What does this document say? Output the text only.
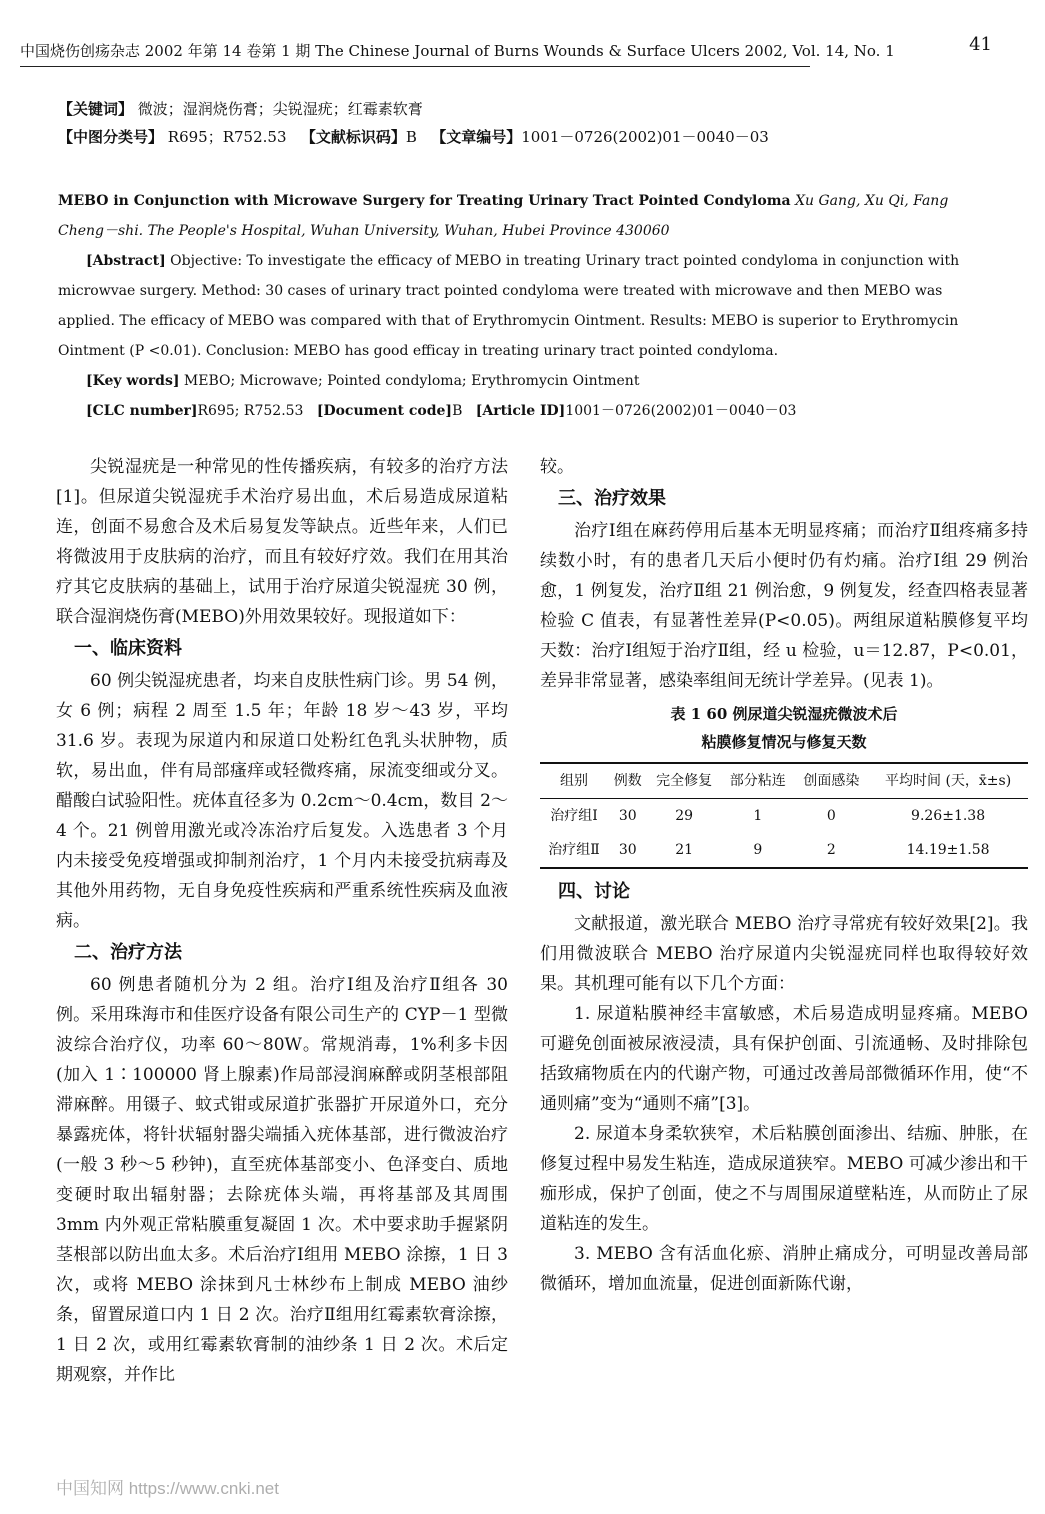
中国烧伤创疡杂志 2002 年第 14 卷第 1 期 The Chinese Journal of Burns Wounds & Surface Ulcers 2002, Vol. 14, No. 1	41
【关键词】 微波；湿润烧伤膏；尖锐湿疣；红霉素软膏
【中图分类号】 R695；R752.53 【文献标识码】B 【文章编号】1001－0726(2002)01－0040－03
MEBO in Conjunction with Microwave Surgery for Treating Urinary Tract Pointed Condyloma Xu Gang, Xu Qi, Fang Cheng－shi. The People's Hospital, Wuhan University, Wuhan, Hubei Province 430060
[Abstract] Objective: To investigate the efficacy of MEBO in treating Urinary tract pointed condyloma in conjunction with microwvae surgery. Method: 30 cases of urinary tract pointed condyloma were treated with microwave and then MEBO was applied. The efficacy of MEBO was compared with that of Erythromycin Ointment. Results: MEBO is superior to Erythromycin Ointment (P <0.01). Conclusion: MEBO has good efficay in treating urinary tract pointed condyloma.
[Key words] MEBO; Microwave; Pointed condyloma; Erythromycin Ointment
[CLC number]R695; R752.53 [Document code]B [Article ID]1001－0726(2002)01－0040－03

尖锐湿疣是一种常见的性传播疾病，有较多的治疗方法[1]。但尿道尖锐湿疣手术治疗易出血，术后易造成尿道粘连，创面不易愈合及术后易复发等缺点。近些年来，人们已将微波用于皮肤病的治疗，而且有较好疗效。我们在用其治疗其它皮肤病的基础上，试用于治疗尿道尖锐湿疣 30 例，联合湿润烧伤膏(MEBO)外用效果较好。现报道如下：

一、临床资料

60 例尖锐湿疣患者，均来自皮肤性病门诊。男 54 例，女 6 例；病程 2 周至 1.5 年；年龄 18 岁～43 岁，平均 31.6 岁。表现为尿道内和尿道口处粉红色乳头状肿物，质软，易出血，伴有局部瘙痒或轻微疼痛，尿流变细或分叉。醋酸白试验阳性。疣体直径多为 0.2cm～0.4cm，数目 2～4 个。21 例曾用激光或冷冻治疗后复发。入选患者 3 个月内未接受免疫增强或抑制剂治疗，1 个月内未接受抗病毒及其他外用药物，无自身免疫性疾病和严重系统性疾病及血液病。

二、治疗方法

60 例患者随机分为 2 组。治疗Ⅰ组及治疗Ⅱ组各 30 例。采用珠海市和佳医疗设备有限公司生产的 CYP－1 型微波综合治疗仪，功率 60～80W。常规消毒，1%利多卡因(加入 1∶100000 肾上腺素)作局部浸润麻醉或阴茎根部阻滞麻醉。用镊子、蚊式钳或尿道扩张器扩开尿道外口，充分暴露疣体，将针状辐射器尖端插入疣体基部，进行微波治疗(一般 3 秒～5 秒钟)，直至疣体基部变小、色泽变白、质地变硬时取出辐射器；去除疣体头端，再将基部及其周围 3mm 内外观正常粘膜重复凝固 1 次。术中要求助手握紧阴茎根部以防出血太多。术后治疗Ⅰ组用 MEBO 涂擦，1 日 3 次，或将 MEBO 涂抹到凡士林纱布上制成 MEBO 油纱条，留置尿道口内 1 日 2 次。治疗Ⅱ组用红霉素软膏涂擦，1 日 2 次，或用红霉素软膏制的油纱条 1 日 2 次。术后定期观察，并作比

较。

三、治疗效果

治疗Ⅰ组在麻药停用后基本无明显疼痛；而治疗Ⅱ组疼痛多持续数小时，有的患者几天后小便时仍有灼痛。治疗Ⅰ组 29 例治愈，1 例复发，治疗Ⅱ组 21 例治愈，9 例复发，经查四格表显著检验 C 值表，有显著性差异(P<0.05)。两组尿道粘膜修复平均天数：治疗Ⅰ组短于治疗Ⅱ组，经 u 检验，u＝12.87，P<0.01，差异非常显著，感染率组间无统计学差异。(见表 1)。

表 1 60 例尿道尖锐湿疣微波术后
粘膜修复情况与修复天数
组别	例数	完全修复	部分粘连	创面感染	平均时间 (天，x̄±s)
治疗组Ⅰ	30	29	1	0	9.26±1.38
治疗组Ⅱ	30	21	9	2	14.19±1.58
四、讨论

文献报道，激光联合 MEBO 治疗寻常疣有较好效果[2]。我们用微波联合 MEBO 治疗尿道内尖锐湿疣同样也取得较好效果。其机理可能有以下几个方面：

1. 尿道粘膜神经丰富敏感，术后易造成明显疼痛。MEBO 可避免创面被尿液浸渍，具有保护创面、引流通畅、及时排除包括致痛物质在内的代谢产物，可通过改善局部微循环作用，使“不通则痛”变为“通则不痛”[3]。

2. 尿道本身柔软狭窄，术后粘膜创面渗出、结痂、肿胀，在修复过程中易发生粘连，造成尿道狭窄。MEBO 可减少渗出和干痂形成，保护了创面，使之不与周围尿道壁粘连，从而防止了尿道粘连的发生。

3. MEBO 含有活血化瘀、消肿止痛成分，可明显改善局部微循环，增加血流量，促进创面新陈代谢，

中国知网 https://www.cnki.net
